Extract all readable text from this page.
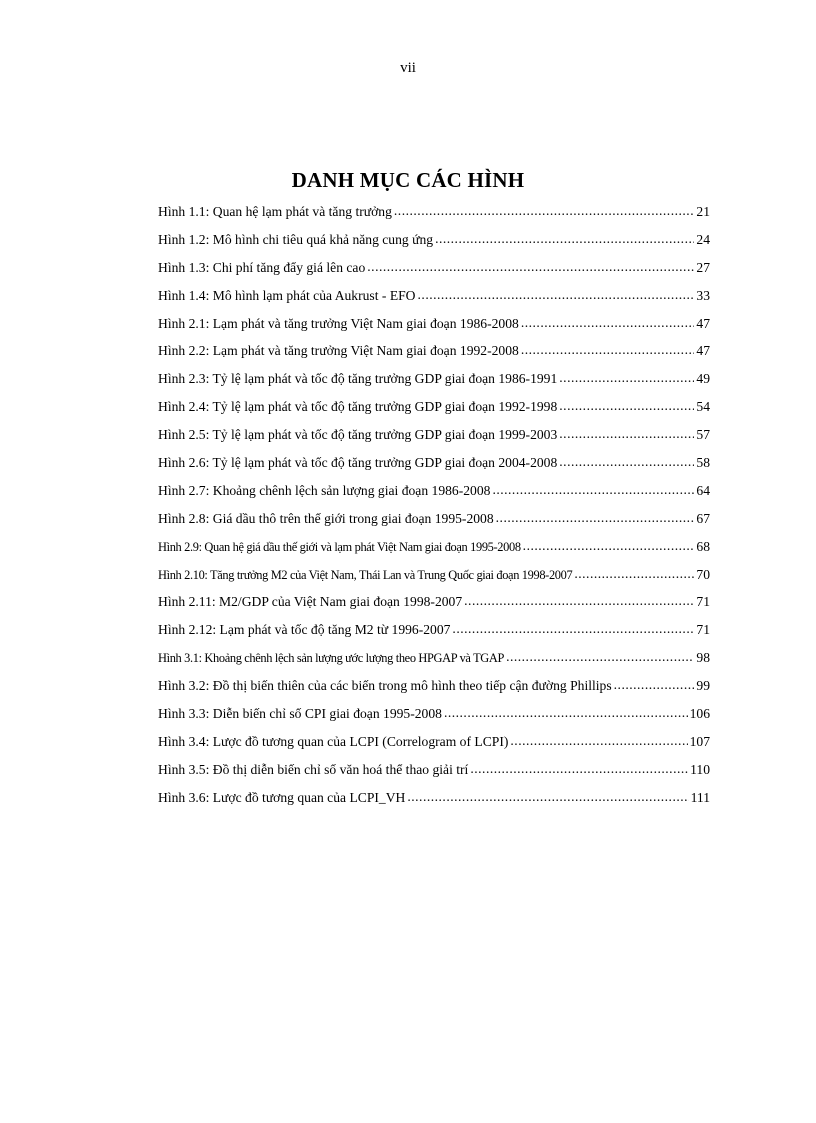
vii
DANH MỤC CÁC HÌNH
Hình 1.1: Quan hệ lạm phát và tăng trưởng .....	21
Hình 1.2: Mô hình chi tiêu quá khả năng cung ứng .....	24
Hình 1.3: Chi phí tăng đẩy giá lên cao .....	27
Hình 1.4: Mô hình lạm phát của Aukrust - EFO .....	33
Hình 2.1: Lạm phát và tăng trưởng Việt Nam giai đoạn 1986-2008 .....	47
Hình 2.2: Lạm phát và tăng trưởng Việt Nam giai đoạn 1992-2008 .....	47
Hình 2.3: Tỷ lệ lạm phát và tốc độ tăng trưởng GDP giai đoạn 1986-1991 .....	49
Hình 2.4: Tỷ lệ lạm phát và tốc độ tăng trưởng GDP giai đoạn 1992-1998 .....	54
Hình 2.5: Tỷ lệ lạm phát và tốc độ tăng trưởng GDP giai đoạn 1999-2003 .....	57
Hình 2.6: Tỷ lệ lạm phát và tốc độ tăng trưởng GDP giai đoạn 2004-2008 .....	58
Hình 2.7: Khoảng chênh lệch sản lượng giai đoạn 1986-2008 .....	64
Hình 2.8: Giá dầu thô trên thế giới trong giai đoạn 1995-2008 .....	67
Hình 2.9: Quan hệ giá dầu thế giới và lạm phát Việt Nam giai đoạn 1995-2008 .....	68
Hình 2.10: Tăng trưởng M2 của Việt Nam, Thái Lan và Trung Quốc giai đoạn 1998-2007 .....	70
Hình 2.11: M2/GDP của Việt Nam giai đoạn 1998-2007 .....	71
Hình 2.12: Lạm phát và tốc độ tăng M2 từ 1996-2007 .....	71
Hình 3.1: Khoảng chênh lệch sản lượng ước lượng theo HPGAP và TGAP .....	98
Hình 3.2: Đồ thị biến thiên của các biến trong mô hình theo tiếp cận đường Phillips .....	99
Hình 3.3: Diễn biến chỉ số CPI giai đoạn 1995-2008 .....	106
Hình 3.4: Lược đồ tương quan của LCPI (Correlogram of LCPI) .....	107
Hình 3.5: Đồ thị diễn biến chỉ số văn hoá thể thao giải trí .....	110
Hình 3.6: Lược đồ tương quan của LCPI_VH .....	111
